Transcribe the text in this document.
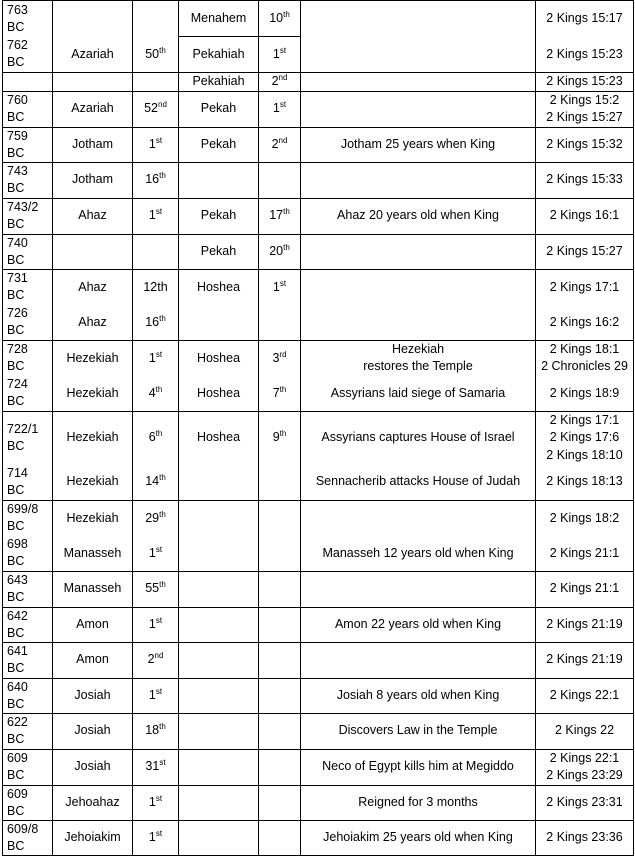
763
BC			Menahem	10th		2 Kings 15:17

762
BC	Azariah	50th	Pekahiah	1st		2 Kings 15:23

			Pekahiah	2nd		2 Kings 15:23

760
BC	Azariah	52nd	Pekah	1st		2 Kings 15:2
2 Kings 15:27

759
BC	Jotham	1st	Pekah	2nd	Jotham 25 years when King	2 Kings 15:32

743
BC	Jotham	16th				2 Kings 15:33

743/2
BC	Ahaz	1st	Pekah	17th	Ahaz 20 years old when King	2 Kings 16:1

740
BC			Pekah	20th		2 Kings 15:27

731
BC	Ahaz	12th	Hoshea	1st		2 Kings 17:1

726
BC	Ahaz	16th				2 Kings 16:2

728
BC	Hezekiah	1st	Hoshea	3rd	Hezekiah
restores the Temple	2 Kings 18:1
2 Chronicles 29

724
BC	Hezekiah	4th	Hoshea	7th	Assyrians laid siege of Samaria	2 Kings 18:9

722/1
BC	Hezekiah	6th	Hoshea	9th	Assyrians captures House of Israel	2 Kings 17:1
2 Kings 17:6
2 Kings 18:10

714
BC	Hezekiah	14th			Sennacherib attacks House of Judah	2 Kings 18:13

699/8
BC	Hezekiah	29th				2 Kings 18:2

698
BC	Manasseh	1st			Manasseh 12 years old when King	2 Kings 21:1

643
BC	Manasseh	55th				2 Kings 21:1

642
BC	Amon	1st			Amon 22 years old when King	2 Kings 21:19

641
BC	Amon	2nd				2 Kings 21:19

640
BC	Josiah	1st			Josiah 8 years old when King	2 Kings 22:1

622
BC	Josiah	18th			Discovers Law in the Temple	2 Kings 22

609
BC	Josiah	31st			Neco of Egypt kills him at Megiddo	2 Kings 22:1
2 Kings 23:29

609
BC	Jehoahaz	1st			Reigned for 3 months	2 Kings 23:31

609/8
BC	Jehoiakim	1st			Jehoiakim 25 years old when King	2 Kings 23:36
